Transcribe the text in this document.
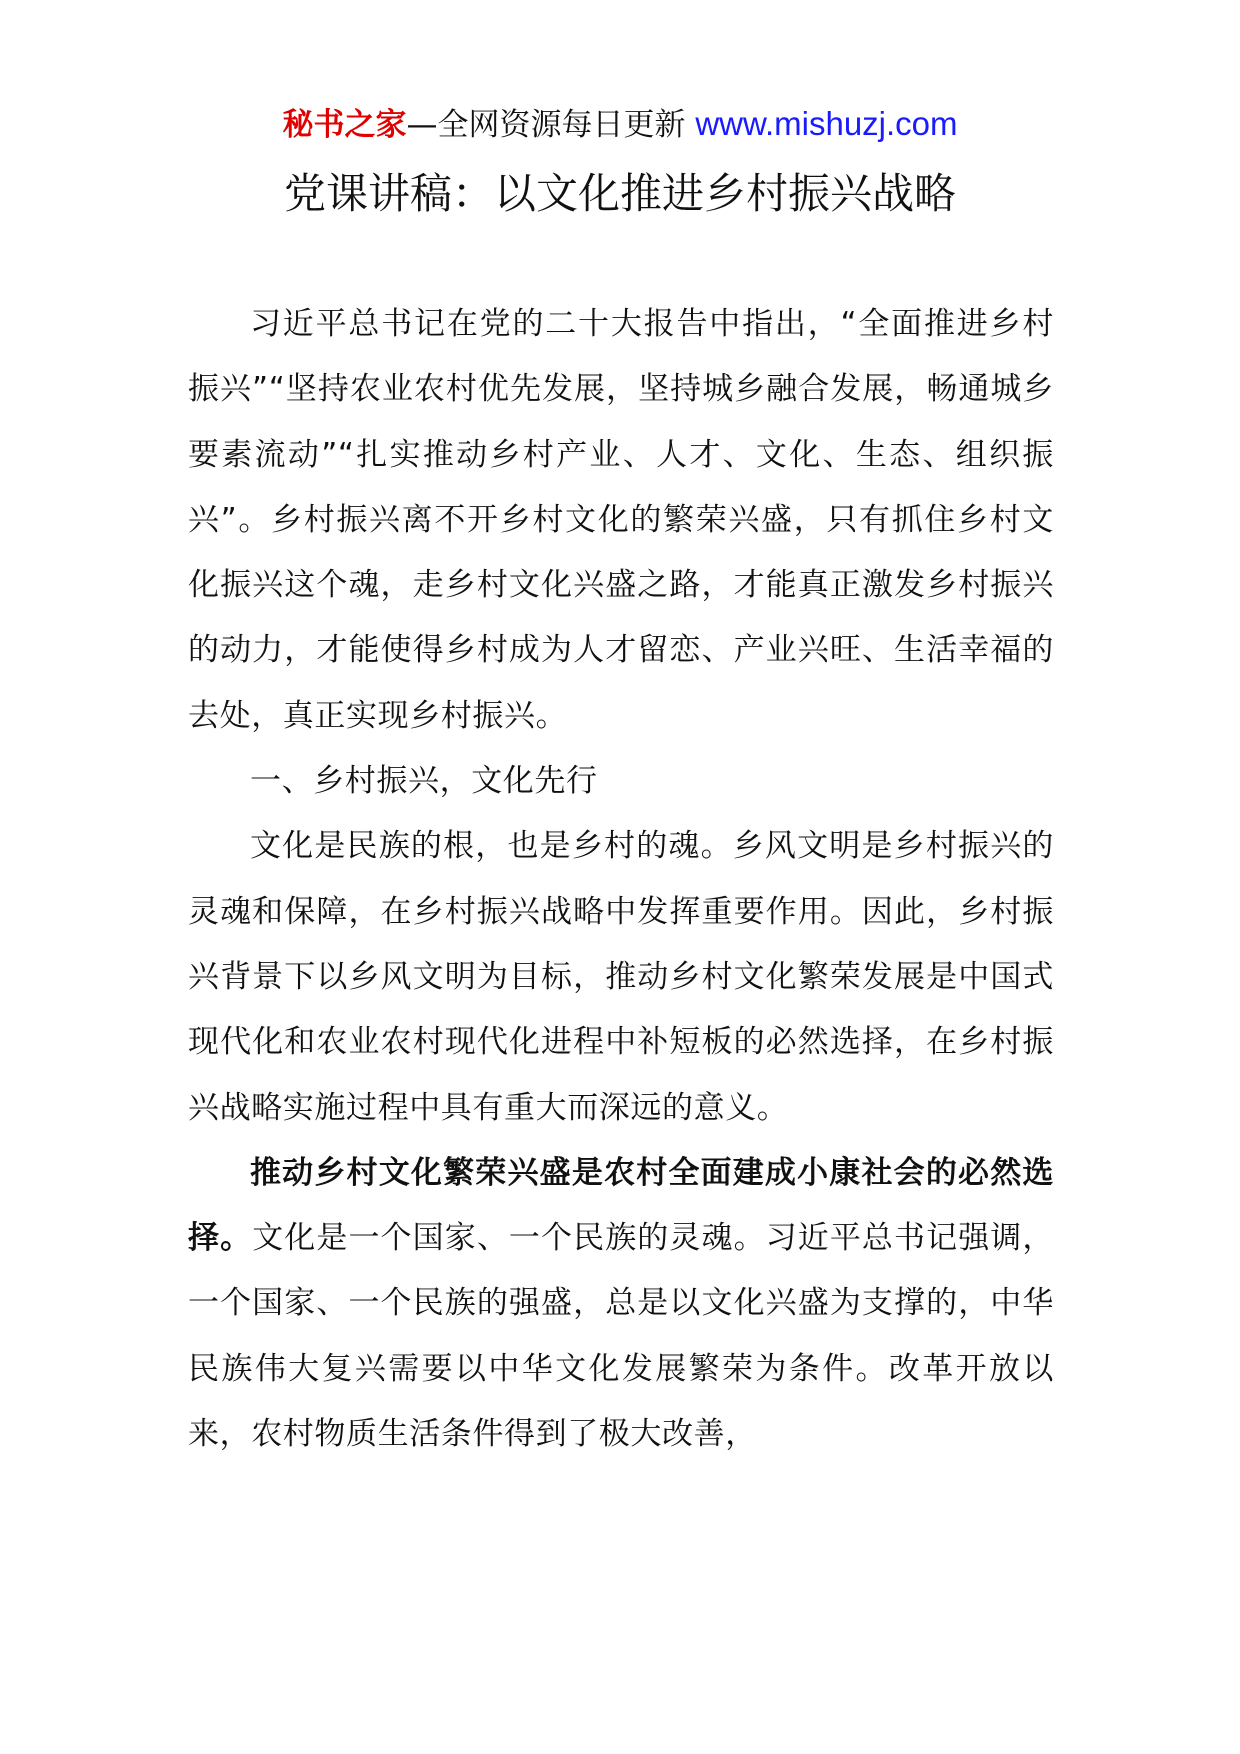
秘书之家—全网资源每日更新 www.mishuzj.com
党课讲稿：以文化推进乡村振兴战略

习近平总书记在党的二十大报告中指出，“全面推进乡村振兴”“坚持农业农村优先发展，坚持城乡融合发展，畅通城乡要素流动”“扎实推动乡村产业、人才、文化、生态、组织振兴”。乡村振兴离不开乡村文化的繁荣兴盛，只有抓住乡村文化振兴这个魂，走乡村文化兴盛之路，才能真正激发乡村振兴的动力，才能使得乡村成为人才留恋、产业兴旺、生活幸福的去处，真正实现乡村振兴。

一、乡村振兴，文化先行

文化是民族的根，也是乡村的魂。乡风文明是乡村振兴的灵魂和保障，在乡村振兴战略中发挥重要作用。因此，乡村振兴背景下以乡风文明为目标，推动乡村文化繁荣发展是中国式现代化和农业农村现代化进程中补短板的必然选择，在乡村振兴战略实施过程中具有重大而深远的意义。

推动乡村文化繁荣兴盛是农村全面建成小康社会的必然选择。文化是一个国家、一个民族的灵魂。习近平总书记强调，一个国家、一个民族的强盛，总是以文化兴盛为支撑的，中华民族伟大复兴需要以中华文化发展繁荣为条件。改革开放以来，农村物质生活条件得到了极大改善，
